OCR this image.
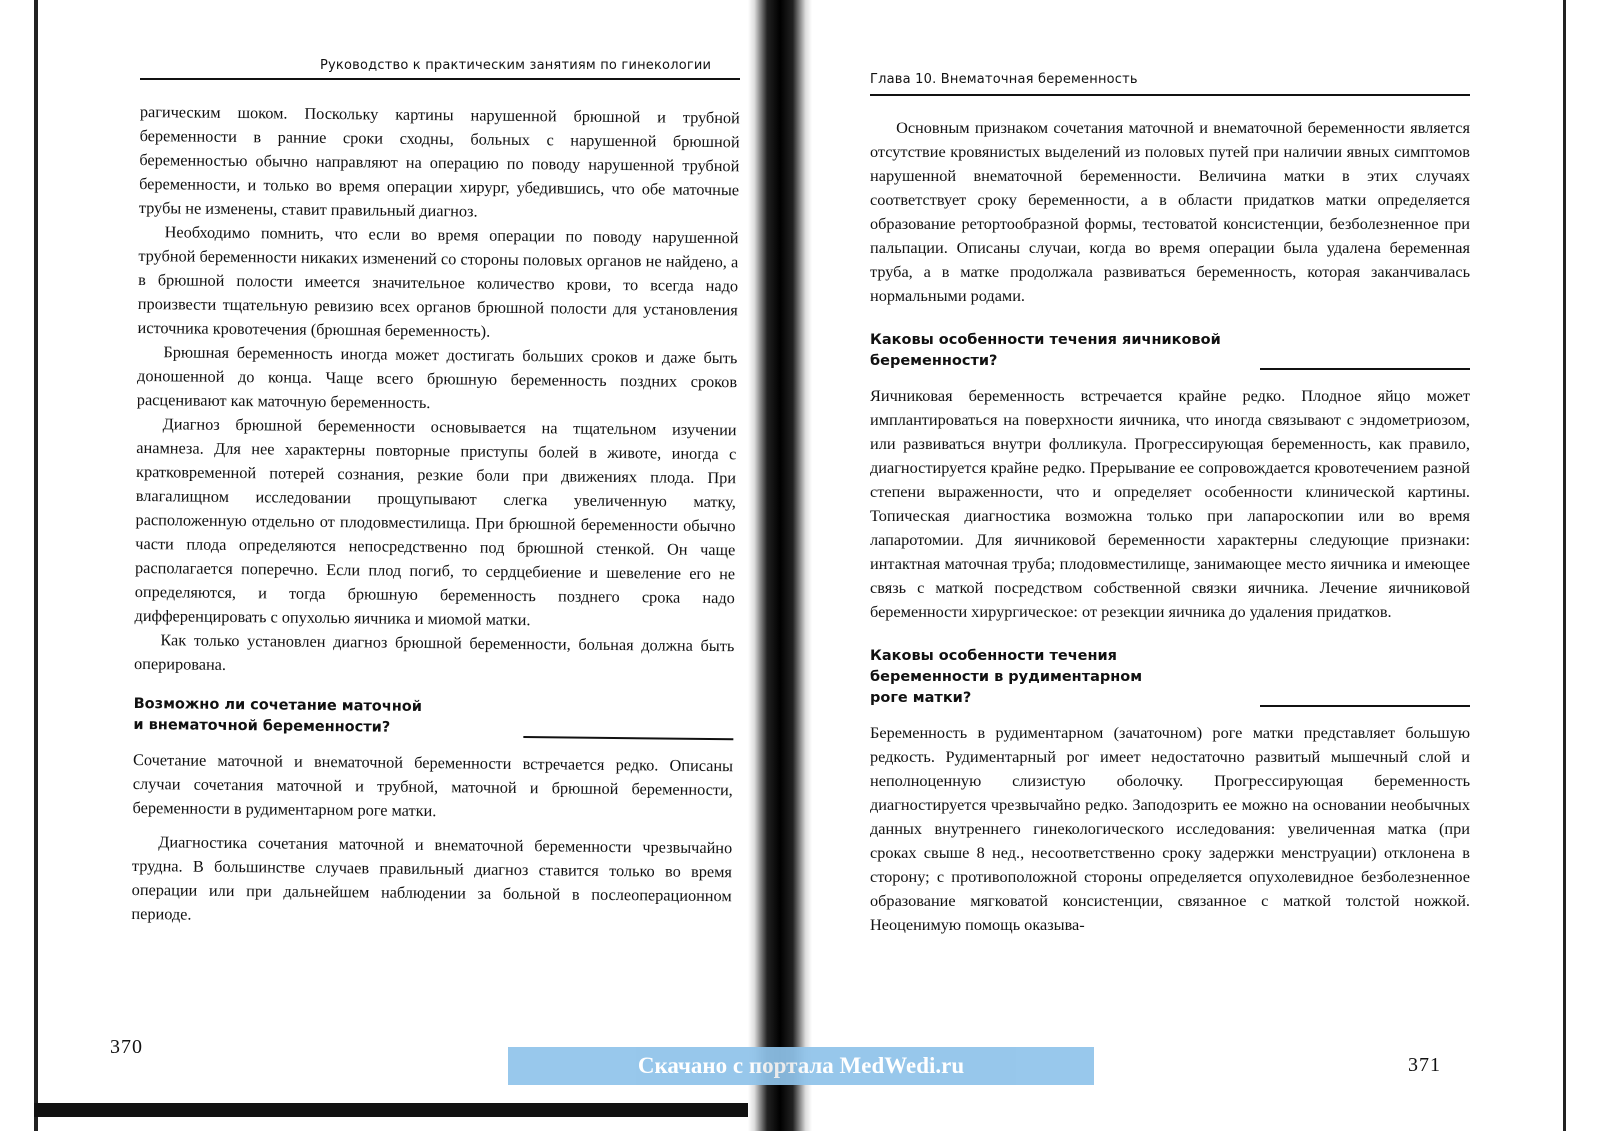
Руководство к практическим занятиям по гинекологии

рагическим шоком. Поскольку картины нарушенной брюшной и трубной беременности в ранние сроки сходны, больных с нарушенной брюшной беременностью обычно направляют на операцию по поводу нарушенной трубной беременности, и только во время операции хирург, убедившись, что обе маточные трубы не изменены, ставит правильный диагноз.

Необходимо помнить, что если во время операции по поводу нарушенной трубной беременности никаких изменений со стороны половых органов не найдено, а в брюшной полости имеется значительное количество крови, то всегда надо произвести тщательную ревизию всех органов брюшной полости для установления источника кровотечения (брюшная беременность).

Брюшная беременность иногда может достигать больших сроков и даже быть доношенной до конца. Чаще всего брюшную беременность поздних сроков расценивают как маточную беременность.

Диагноз брюшной беременности основывается на тщательном изучении анамнеза. Для нее характерны повторные приступы болей в животе, иногда с кратковременной потерей сознания, резкие боли при движениях плода. При влагалищном исследовании прощупывают слегка увеличенную матку, расположенную отдельно от плодовместилища. При брюшной беременности обычно части плода определяются непосредственно под брюшной стенкой. Он чаще располагается поперечно. Если плод погиб, то сердцебиение и шевеление его не определяются, и тогда брюшную беременность позднего срока надо дифференцировать с опухолью яичника и миомой матки.

Как только установлен диагноз брюшной беременности, больная должна быть оперирована.

Возможно ли сочетание маточной
и внематочной беременности?

Сочетание маточной и внематочной беременности встречается редко. Описаны случаи сочетания маточной и трубной, маточной и брюшной беременности, беременности в рудиментарном роге матки.

Диагностика сочетания маточной и внематочной беременности чрезвычайно трудна. В большинстве случаев правильный диагноз ставится только во время операции или при дальнейшем наблюдении за больной в послеоперационном периоде.

370
Глава 10. Внематочная беременность

Основным признаком сочетания маточной и внематочной беременности является отсутствие кровянистых выделений из половых путей при наличии явных симптомов нарушенной внематочной беременности. Величина матки в этих случаях соответствует сроку беременности, а в области придатков матки определяется образование ретортообразной формы, тестоватой консистенции, безболезненное при пальпации. Описаны случаи, когда во время операции была удалена беременная труба, а в матке продолжала развиваться беременность, которая заканчивалась нормальными родами.

Каковы особенности течения яичниковой
беременности?

Яичниковая беременность встречается крайне редко. Плодное яйцо может имплантироваться на поверхности яичника, что иногда связывают с эндометриозом, или развиваться внутри фолликула. Прогрессирующая беременность, как правило, диагностируется крайне редко. Прерывание ее сопровождается кровотечением разной степени выраженности, что и определяет особенности клинической картины. Топическая диагностика возможна только при лапароскопии или во время лапаротомии. Для яичниковой беременности характерны следующие признаки: интактная маточная труба; плодовместилище, занимающее место яичника и имеющее связь с маткой посредством собственной связки яичника. Лечение яичниковой беременности хирургическое: от резекции яичника до удаления придатков.

Каковы особенности течения
беременности в рудиментарном
роге матки?

Беременность в рудиментарном (зачаточном) роге матки представляет большую редкость. Рудиментарный рог имеет недостаточно развитый мышечный слой и неполноценную слизистую оболочку. Прогрессирующая беременность диагностируется чрезвычайно редко. Заподозрить ее можно на основании необычных данных внутреннего гинекологического исследования: увеличенная матка (при сроках свыше 8 нед., несоответственно сроку задержки менструации) отклонена в сторону; с противоположной стороны определяется опухолевидное безболезненное образование мягковатой консистенции, связанное с маткой толстой ножкой. Неоценимую помощь оказыва-

371
Скачано с портала MedWedi.ru
